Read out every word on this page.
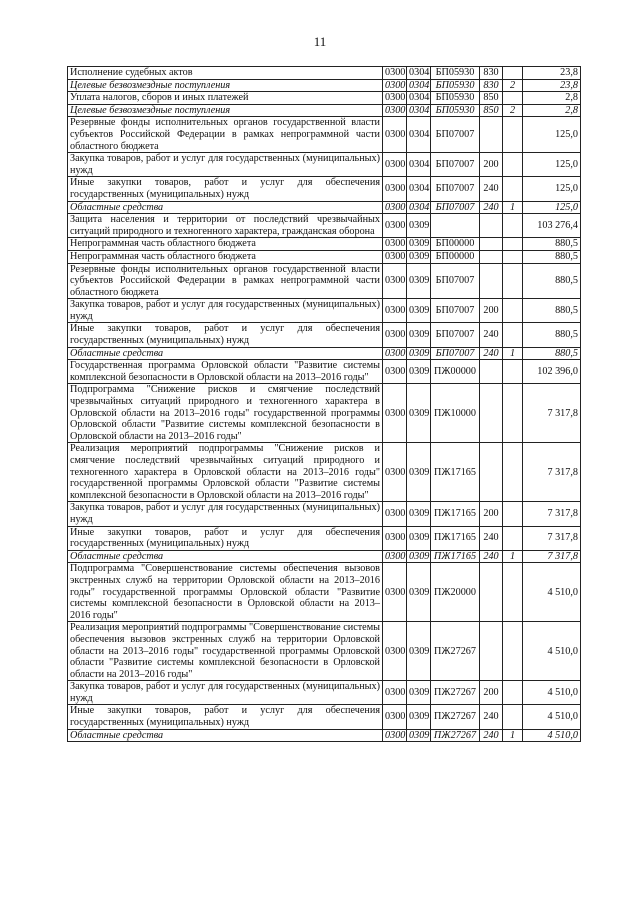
11
Исполнение судебных актов	0300	0304	БП05930	830		23,8
Целевые безвозмездные поступления	0300	0304	БП05930	830	2	23,8
Уплата налогов, сборов и иных платежей	0300	0304	БП05930	850		2,8
Целевые безвозмездные поступления	0300	0304	БП05930	850	2	2,8
Резервные фонды исполнительных органов государственной власти субъектов Российской Федерации в рамках непрограммной части областного бюджета	0300	0304	БП07007			125,0
Закупка товаров, работ и услуг для государственных (муниципальных) нужд	0300	0304	БП07007	200		125,0
Иные закупки товаров, работ и услуг для обеспечения государственных (муниципальных) нужд	0300	0304	БП07007	240		125,0
Областные средства	0300	0304	БП07007	240	1	125,0
Защита населения и территории от последствий чрезвычайных ситуаций природного и техногенного характера, гражданская оборона	0300	0309				103 276,4
Непрограммная часть областного бюджета	0300	0309	БП00000			880,5
Непрограммная часть областного бюджета	0300	0309	БП00000			880,5
Резервные фонды исполнительных органов государственной власти субъектов Российской Федерации в рамках непрограммной части областного бюджета	0300	0309	БП07007			880,5
Закупка товаров, работ и услуг для государственных (муниципальных) нужд	0300	0309	БП07007	200		880,5
Иные закупки товаров, работ и услуг для обеспечения государственных (муниципальных) нужд	0300	0309	БП07007	240		880,5
Областные средства	0300	0309	БП07007	240	1	880,5
Государственная программа Орловской области "Развитие системы комплексной безопасности в Орловской области на 2013–2016 годы"	0300	0309	ПЖ00000			102 396,0
Подпрограмма "Снижение рисков и смягчение последствий чрезвычайных ситуаций природного и техногенного характера в Орловской области на 2013–2016 годы" государственной программы Орловской области "Развитие системы комплексной безопасности в Орловской области на 2013–2016 годы"	0300	0309	ПЖ10000			7 317,8
Реализация мероприятий подпрограммы "Снижение рисков и смягчение последствий чрезвычайных ситуаций природного и техногенного характера в Орловской области на 2013–2016 годы" государственной программы Орловской области "Развитие системы комплексной безопасности в Орловской области на 2013–2016 годы"	0300	0309	ПЖ17165			7 317,8
Закупка товаров, работ и услуг для государственных (муниципальных) нужд	0300	0309	ПЖ17165	200		7 317,8
Иные закупки товаров, работ и услуг для обеспечения государственных (муниципальных) нужд	0300	0309	ПЖ17165	240		7 317,8
Областные средства	0300	0309	ПЖ17165	240	1	7 317,8
Подпрограмма "Совершенствование системы обеспечения вызовов экстренных служб на территории Орловской области на 2013–2016 годы" государственной программы Орловской области "Развитие системы комплексной безопасности в Орловской области на 2013–2016 годы"	0300	0309	ПЖ20000			4 510,0
Реализация мероприятий подпрограммы "Совершенствование системы обеспечения вызовов экстренных служб на территории Орловской области на 2013–2016 годы" государственной программы Орловской области "Развитие системы комплексной безопасности в Орловской области на 2013–2016 годы"	0300	0309	ПЖ27267			4 510,0
Закупка товаров, работ и услуг для государственных (муниципальных) нужд	0300	0309	ПЖ27267	200		4 510,0
Иные закупки товаров, работ и услуг для обеспечения государственных (муниципальных) нужд	0300	0309	ПЖ27267	240		4 510,0
Областные средства	0300	0309	ПЖ27267	240	1	4 510,0
